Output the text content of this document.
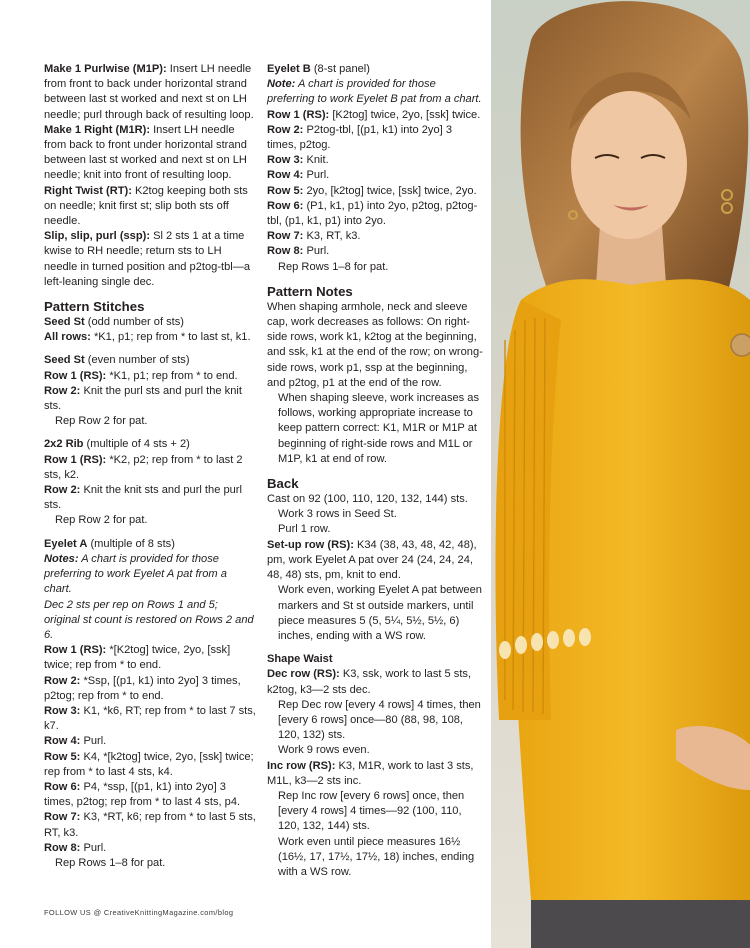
Make 1 Purlwise (M1P): Insert LH needle from front to back under horizontal strand between last st worked and next st on LH needle; purl through back of resulting loop.

Make 1 Right (M1R): Insert LH needle from back to front under horizontal strand between last st worked and next st on LH needle; knit into front of resulting loop.

Right Twist (RT): K2tog keeping both sts on needle; knit first st; slip both sts off needle.

Slip, slip, purl (ssp): Sl 2 sts 1 at a time kwise to RH needle; return sts to LH needle in turned position and p2tog-tbl—a left-leaning single dec.

Pattern Stitches

Seed St (odd number of sts)

All rows: *K1, p1; rep from * to last st, k1.

Seed St (even number of sts)

Row 1 (RS): *K1, p1; rep from * to end.

Row 2: Knit the purl sts and purl the knit sts.

Rep Row 2 for pat.

2x2 Rib (multiple of 4 sts + 2)

Row 1 (RS): *K2, p2; rep from * to last 2 sts, k2.

Row 2: Knit the knit sts and purl the purl sts.

Rep Row 2 for pat.

Eyelet A (multiple of 8 sts)

Notes: A chart is provided for those preferring to work Eyelet A pat from a chart.

Dec 2 sts per rep on Rows 1 and 5; original st count is restored on Rows 2 and 6.

Row 1 (RS): *[K2tog] twice, 2yo, [ssk] twice; rep from * to end.

Row 2: *Ssp, [(p1, k1) into 2yo] 3 times, p2tog; rep from * to end.

Row 3: K1, *k6, RT; rep from * to last 7 sts, k7.

Row 4: Purl.

Row 5: K4, *[k2tog] twice, 2yo, [ssk] twice; rep from * to last 4 sts, k4.

Row 6: P4, *ssp, [(p1, k1) into 2yo] 3 times, p2tog; rep from * to last 4 sts, p4.

Row 7: K3, *RT, k6; rep from * to last 5 sts, RT, k3.

Row 8: Purl.

Rep Rows 1–8 for pat.

Eyelet B (8-st panel)

Note: A chart is provided for those preferring to work Eyelet B pat from a chart.

Row 1 (RS): [K2tog] twice, 2yo, [ssk] twice.

Row 2: P2tog-tbl, [(p1, k1) into 2yo] 3 times, p2tog.

Row 3: Knit.

Row 4: Purl.

Row 5: 2yo, [k2tog] twice, [ssk] twice, 2yo.

Row 6: (P1, k1, p1) into 2yo, p2tog, p2tog-tbl, (p1, k1, p1) into 2yo.

Row 7: K3, RT, k3.

Row 8: Purl.

Rep Rows 1–8 for pat.

Pattern Notes

When shaping armhole, neck and sleeve cap, work decreases as follows: On right-side rows, work k1, k2tog at the beginning, and ssk, k1 at the end of the row; on wrong-side rows, work p1, ssp at the beginning, and p2tog, p1 at the end of the row.

When shaping sleeve, work increases as follows, working appropriate increase to keep pattern correct: K1, M1R or M1P at beginning of right-side rows and M1L or M1P, k1 at end of row.

Back

Cast on 92 (100, 110, 120, 132, 144) sts.

Work 3 rows in Seed St.

Purl 1 row.

Set-up row (RS): K34 (38, 43, 48, 42, 48), pm, work Eyelet A pat over 24 (24, 24, 24, 48, 48) sts, pm, knit to end.

Work even, working Eyelet A pat between markers and St st outside markers, until piece measures 5 (5, 5¼, 5½, 5½, 6) inches, ending with a WS row.

Shape Waist

Dec row (RS): K3, ssk, work to last 5 sts, k2tog, k3—2 sts dec.

Rep Dec row [every 4 rows] 4 times, then [every 6 rows] once—80 (88, 98, 108, 120, 132) sts.

Work 9 rows even.

Inc row (RS): K3, M1R, work to last 3 sts, M1L, k3—2 sts inc.

Rep Inc row [every 6 rows] once, then [every 4 rows] 4 times—92 (100, 110, 120, 132, 144) sts.

Work even until piece measures 16½ (16½, 17, 17½, 17½, 18) inches, ending with a WS row.

FOLLOW US @ CreativeKnittingMagazine.com/blog
